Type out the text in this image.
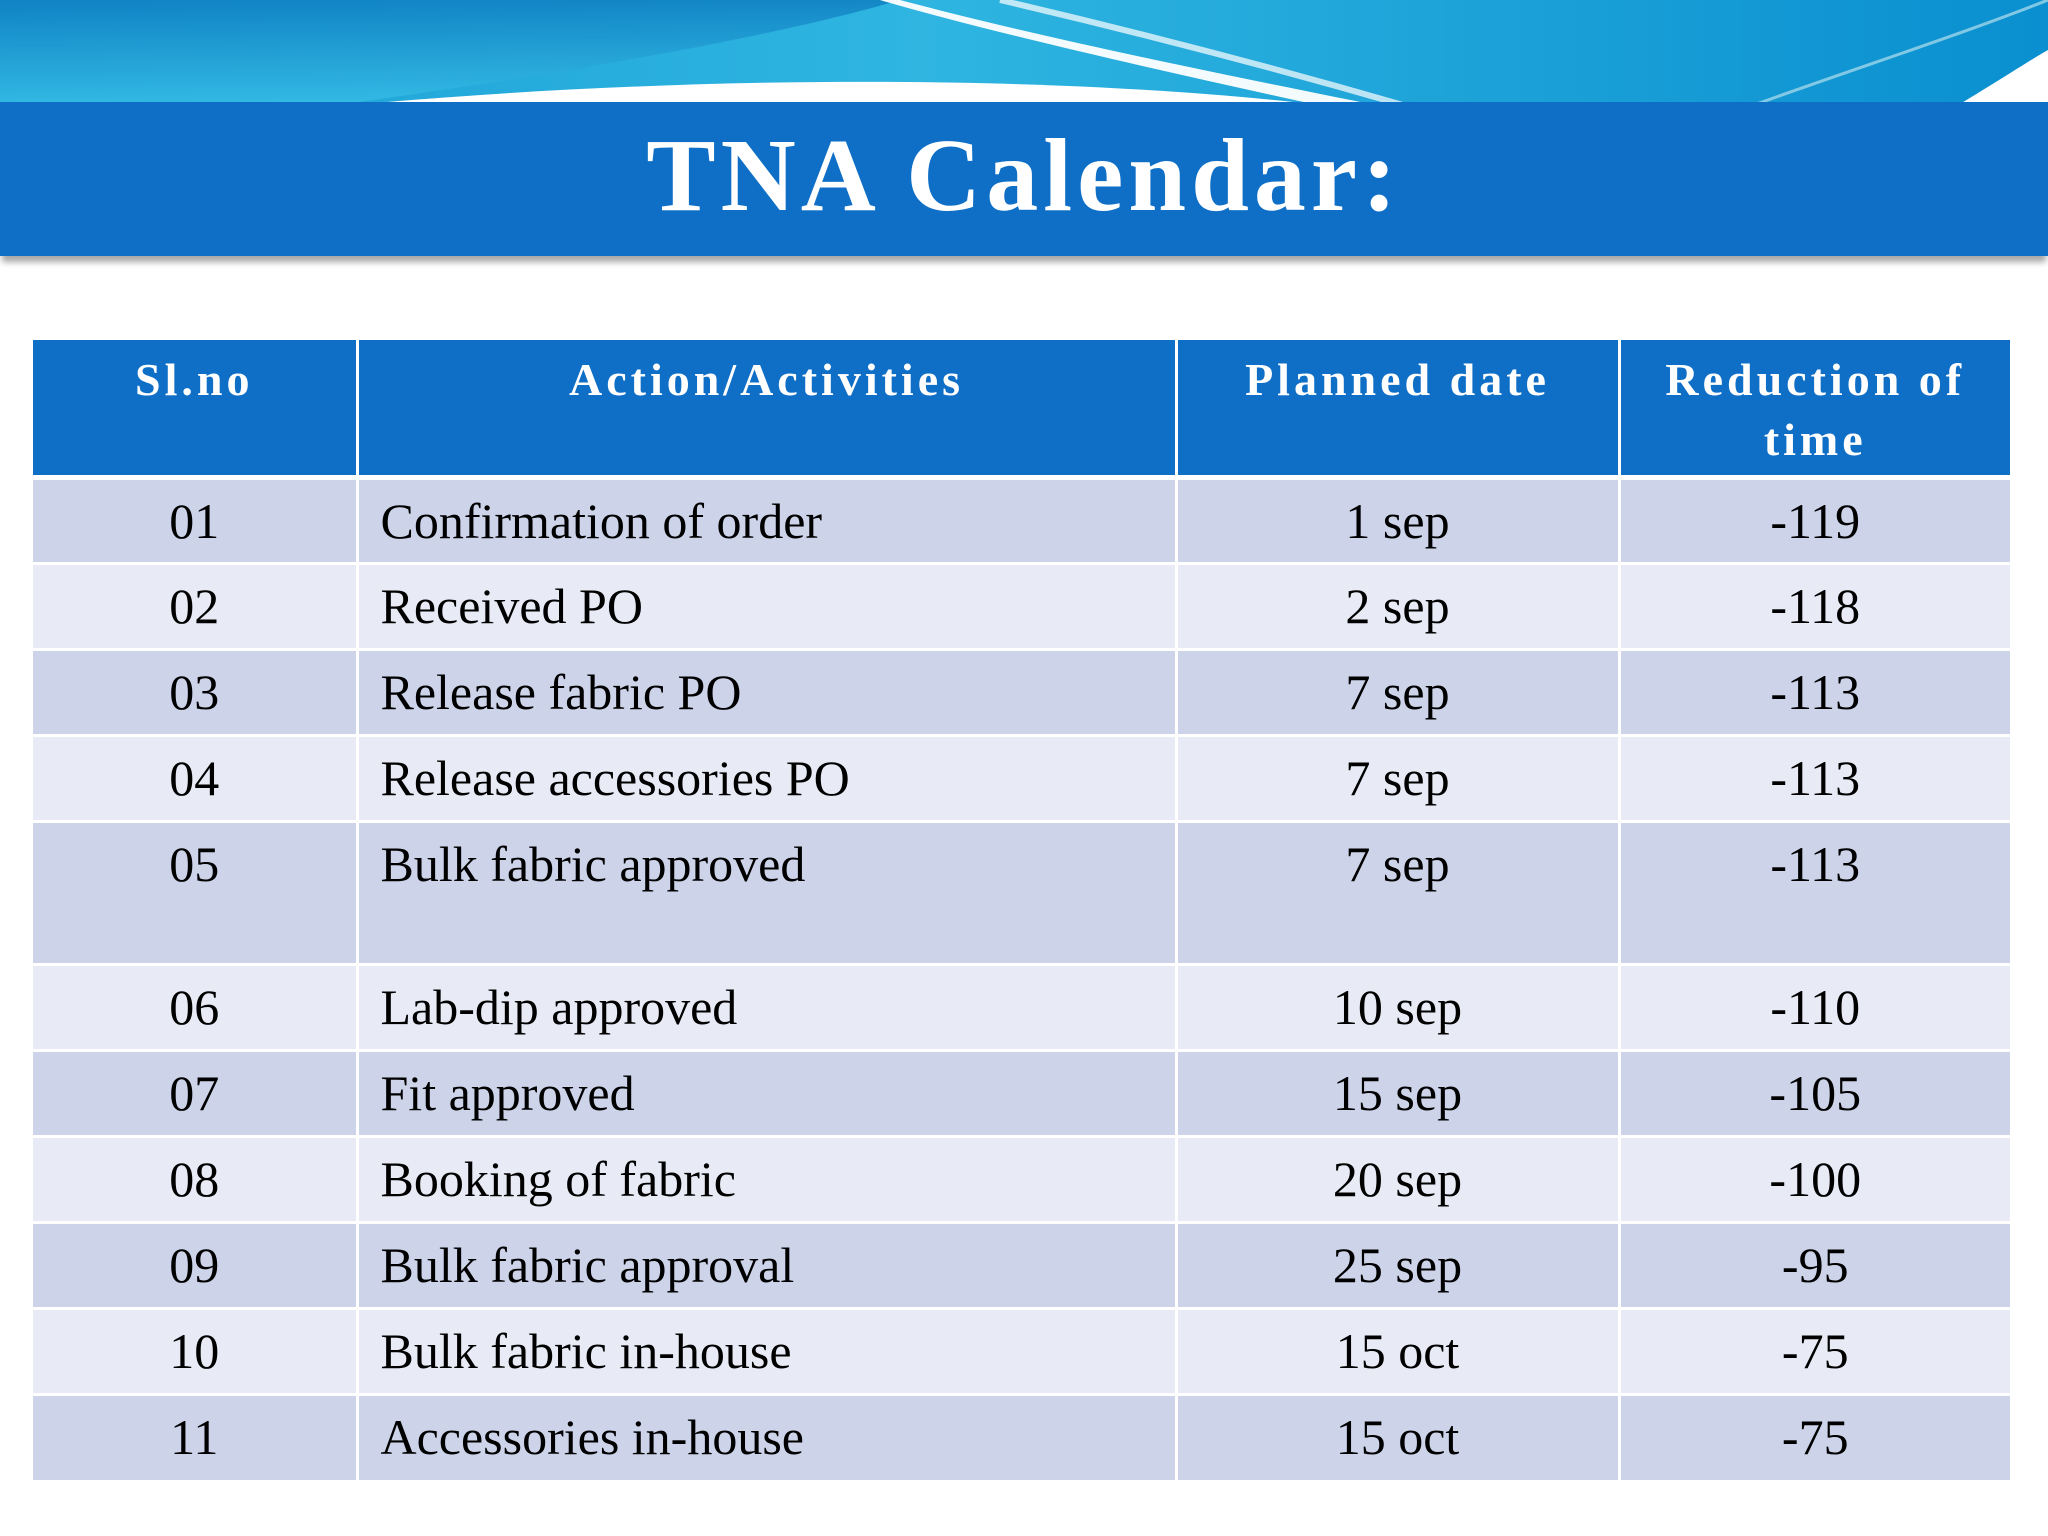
TNA Calendar:
Sl.no	Action/Activities	Planned date	Reduction of time
01	Confirmation of order	1 sep	-119
02	Received PO	2 sep	-118
03	Release fabric PO	7 sep	-113
04	Release accessories PO	7 sep	-113
05	Bulk fabric approved	7 sep	-113
06	Lab-dip approved	10 sep	-110
07	Fit approved	15 sep	-105
08	Booking of fabric	20 sep	-100
09	Bulk fabric approval	25 sep	-95
10	Bulk fabric in-house	15 oct	-75
11	Accessories in-house	15 oct	-75
